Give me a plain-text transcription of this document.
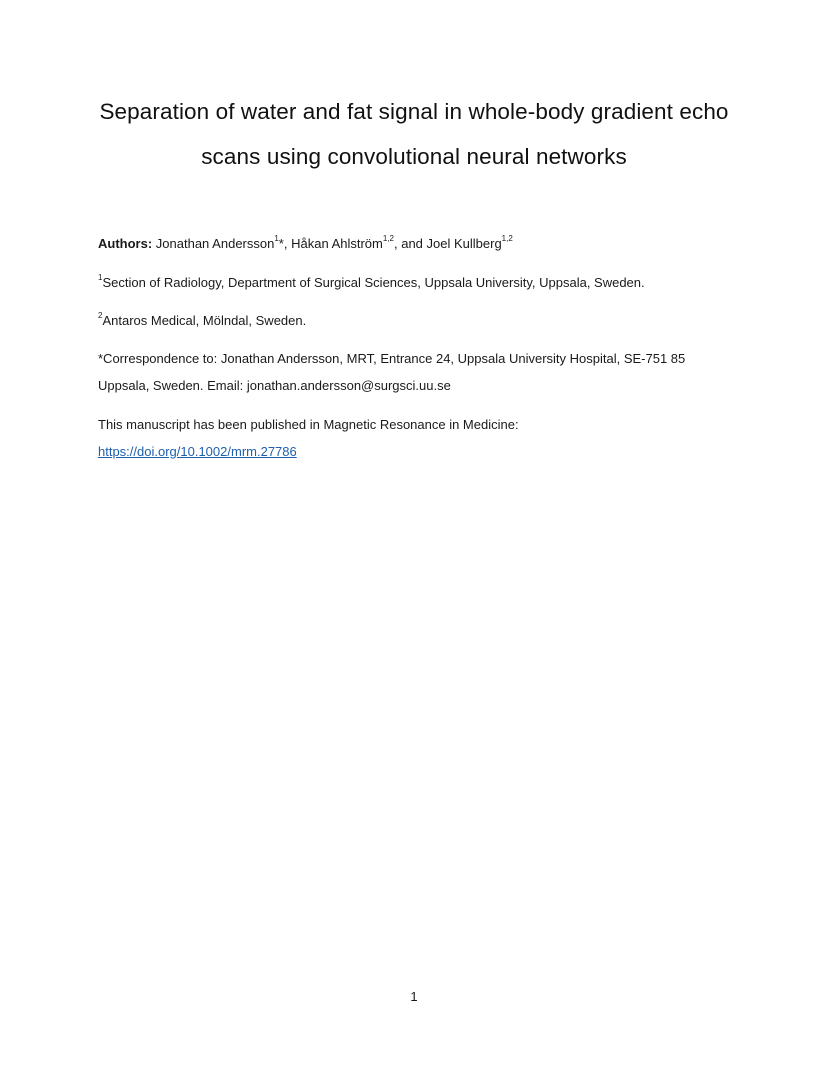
Separation of water and fat signal in whole-body gradient echo
scans using convolutional neural networks

Authors: Jonathan Andersson$^1$*, Håkan Ahlström$^{1,2}$, and Joel Kullberg$^{1,2}$

$^1$Section of Radiology, Department of Surgical Sciences, Uppsala University, Uppsala, Sweden.

$^2$Antaros Medical, Mölndal, Sweden.

*Correspondence to: Jonathan Andersson, MRT, Entrance 24, Uppsala University Hospital, SE-751 85

Uppsala, Sweden. Email: jonathan.andersson@surgsci.uu.se

This manuscript has been published in Magnetic Resonance in Medicine:

https://doi.org/10.1002/mrm.27786

1
